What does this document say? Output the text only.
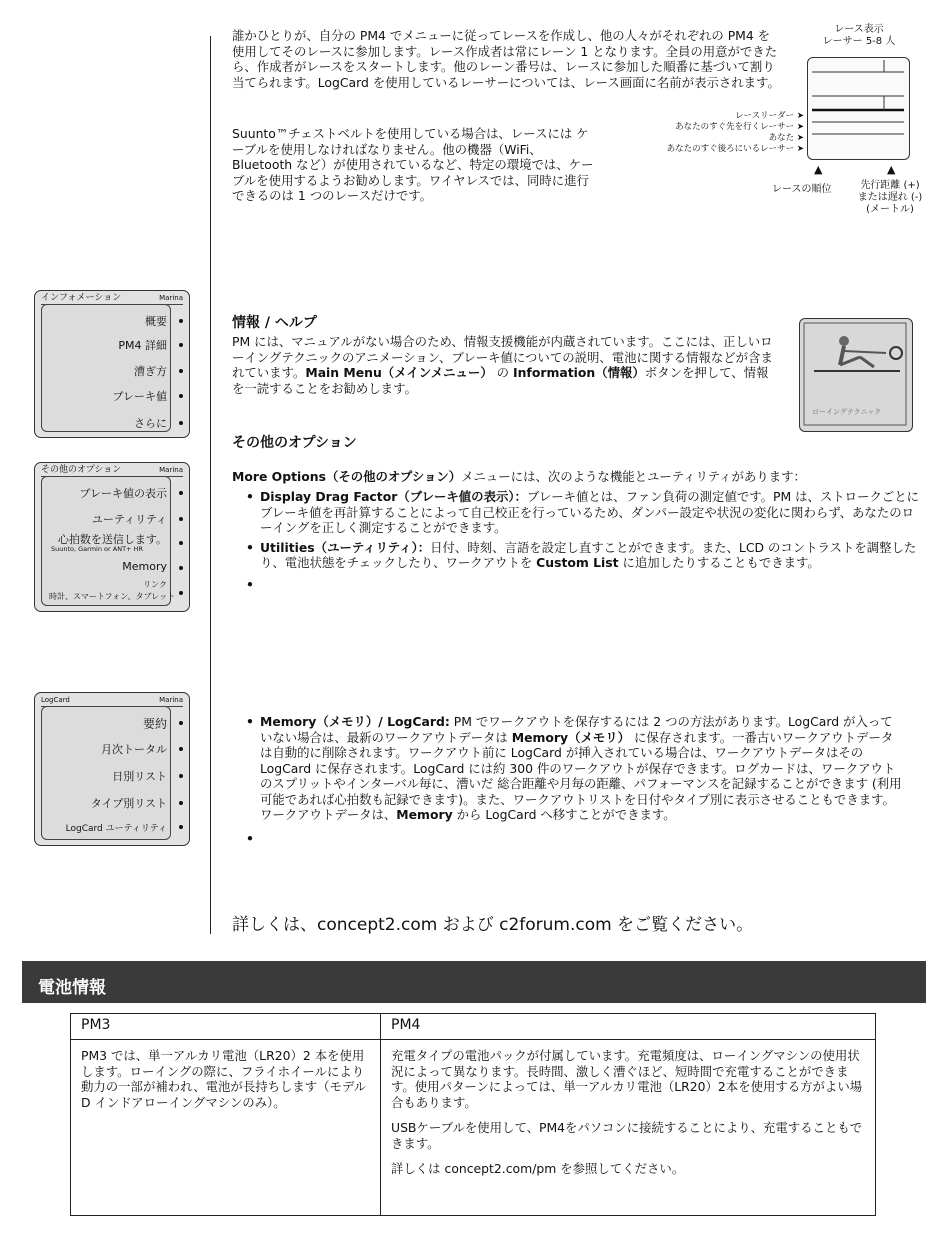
誰かひとりが、自分の PM4 でメニューに従ってレースを作成し、他の人々がそれぞれの PM4 を使用してそのレースに参加します。レース作成者は常にレーン 1 となります。全員の用意ができたら、作成者がレースをスタートします。他のレーン番号は、レースに参加した順番に基づいて割り当てられます。LogCard を使用しているレーサーについては、レース画面に名前が表示されます。

Suunto™チェストベルトを使用している場合は、レースには ケーブルを使用しなければなりません。他の機器（WiFi、Bluetooth など）が使用されているなど、特定の環境では、ケーブルを使用するようお勧めします。ワイヤレスでは、同時に進行できるのは 1 つのレースだけです。

レース表示
レーサー 5-8 人
レースリーダー ➤
あなたのすぐ先を行くレーサー ➤
あなた ➤
あなたのすぐ後ろにいるレーサー ➤
▲	▲
レースの順位	先行距離 (+)
または遅れ (-)
(メートル)
インフォメーション	Marina
概要
PM4 詳細
漕ぎ方
ブレーキ値
さらに
その他のオプション	Marina
ブレーキ値の表示
ユーティリティ
心拍数を送信します。
Suunto, Garmin or ANT+ HR
Memory
リンク
時計、スマートフォン、タブレット
LogCard	Marina
要約
月次トータル
日別リスト
タイプ別リスト
LogCard ユーティリティ
情報 / ヘルプ

PM には、マニュアルがない場合のため、情報支援機能が内蔵されています。ここには、正しいローイングテクニックのアニメーション、ブレーキ値についての説明、電池に関する情報などが含まれています。Main Menu（メインメニュー） の Information（情報）ボタンを押して、情報を一読することをお勧めします。

ローイングテクニック
その他のオプション

More Options（その他のオプション）メニューには、次のような機能とユーティリティがあります：

• Display Drag Factor（ブレーキ値の表示）：ブレーキ値とは、ファン負荷の測定値です。PM は、ストロークごとにブレーキ値を再計算することによって自己校正を行っているため、ダンパー設定や状況の変化に関わらず、あなたのローイングを正しく測定することができます。
• Utilities（ユーティリティ）：日付、時刻、言語を設定し直すことができます。また、LCD のコントラストを調整したり、電池状態をチェックしたり、ワークアウトを Custom List に追加したりすることもできます。
•
• Memory（メモリ）/ LogCard: PM でワークアウトを保存するには 2 つの方法があります。LogCard が入っていない場合は、最新のワークアウトデータは Memory（メモリ） に保存されます。一番古いワークアウトデータは自動的に削除されます。ワークアウト前に LogCard が挿入されている場合は、ワークアウトデータはその LogCard に保存されます。LogCard には約 300 件のワークアウトが保存できます。ログカードは、ワークアウトのスプリットやインターバル毎に、漕いだ 総合距離や月毎の距離、パフォーマンスを記録することができます (利用可能であれば心拍数も記録できます)。また、ワークアウトリストを日付やタイプ別に表示させることもできます。ワークアウトデータは、Memory から LogCard へ移すことができます。
•
詳しくは、concept2.com および c2forum.com をご覧ください。
電池情報
PM3	PM4

PM3 では、単一アルカリ電池（LR20）2 本を使用します。ローイングの際に、フライホイールにより動力の一部が補われ、電池が長持ちします（モデル D インドアローイングマシンのみ）。	充電タイプの電池パックが付属しています。充電頻度は、ローイングマシンの使用状況によって異なります。長時間、激しく漕ぐほど、短時間で充電することができます。使用パターンによっては、単一アルカリ電池（LR20）2本を使用する方がよい場合もあります。

USBケーブルを使用して、PM4をパソコンに接続することにより、充電することもできます。

詳しくは concept2.com/pm を参照してください。
